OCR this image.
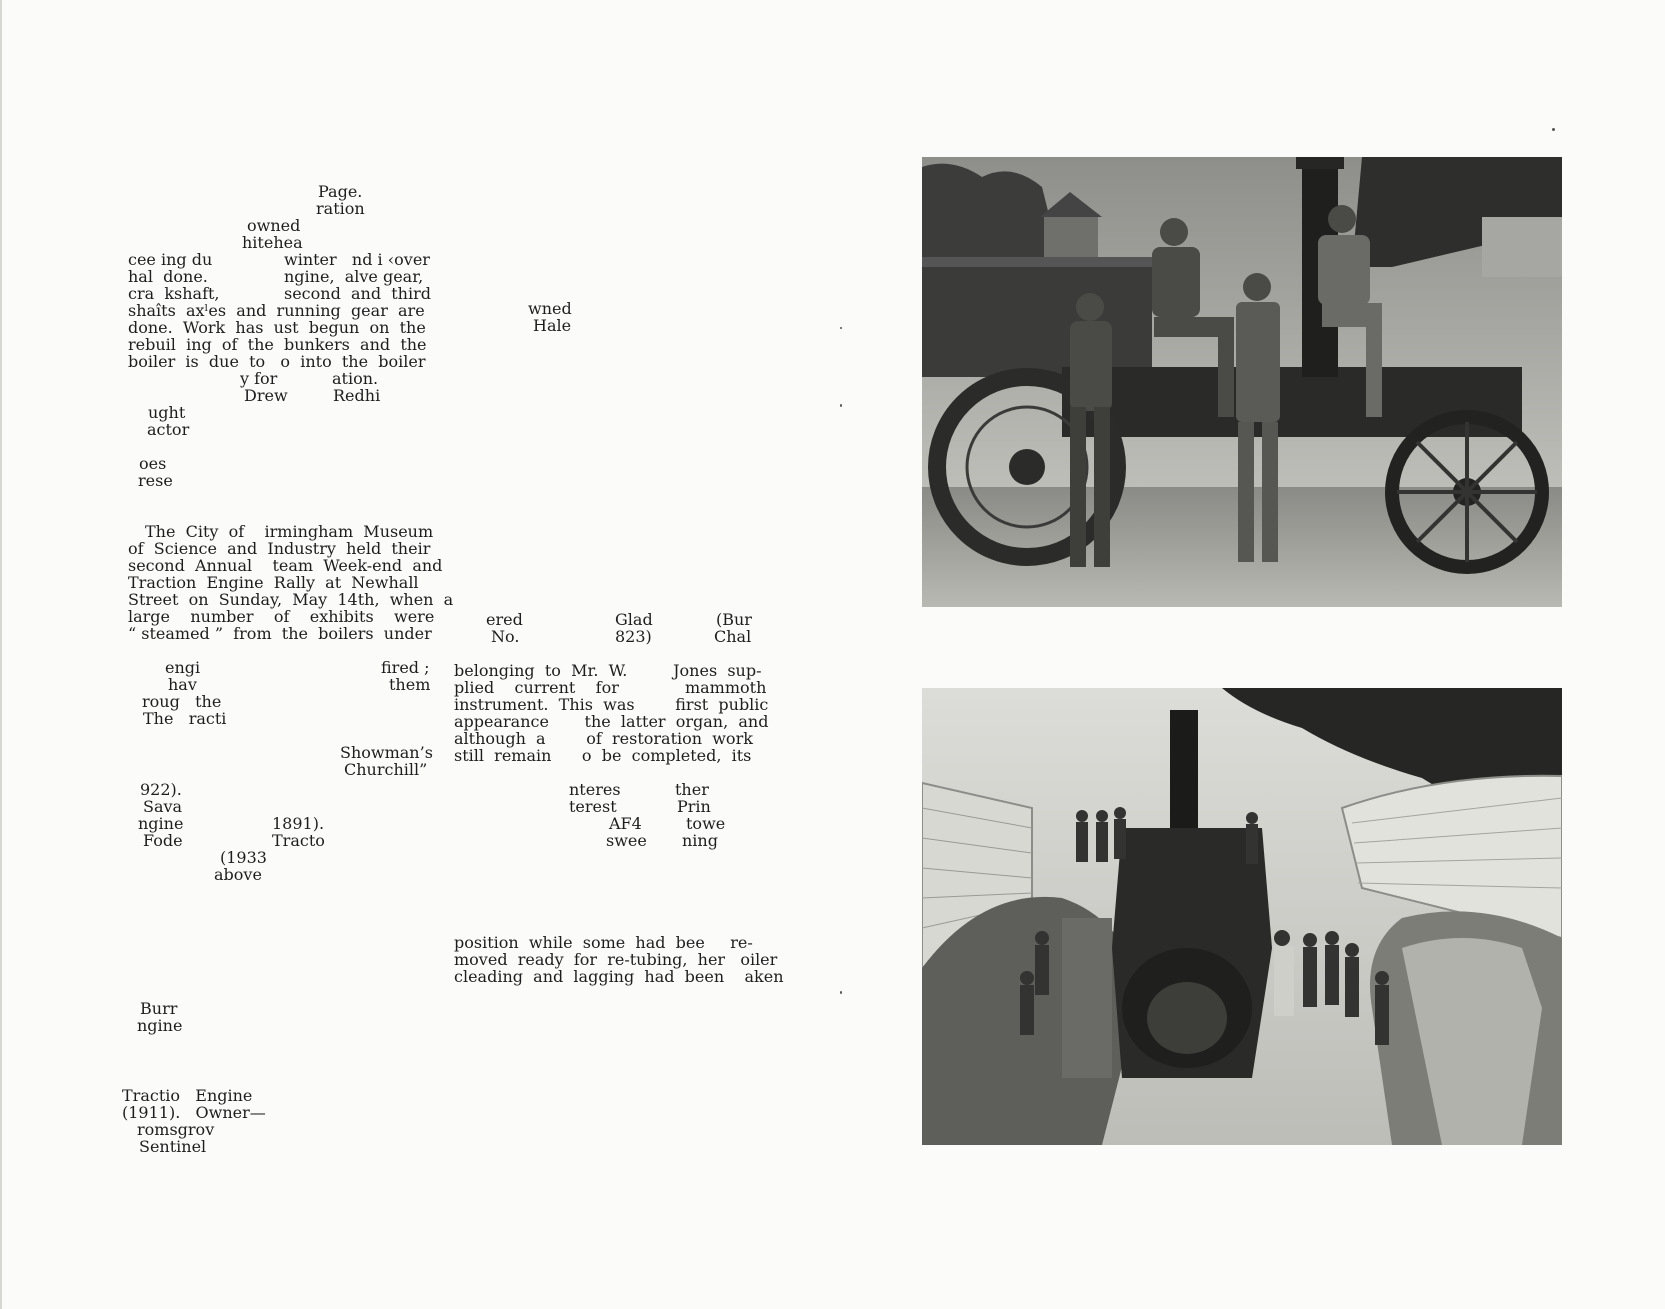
Page.
ration
owned
hitehea
cee ing du	winter   nd i ‹over
hal  done.	ngine,  alve gear,
cra  kshaft,	second  and  third
shaîts  axˡes  and  running  gear  are
done.  Work  has  ust  begun  on  the
rebuil  ing  of  the  bunkers  and  the
boiler  is  due  to   o  into  the  boiler
y for	ation.
Drew	Redhi
ught
actor
oes
rese
The  City  of    irmingham  Museum
of  Science  and  Industry  held  their
second  Annual    team  Week-end  and
Traction  Engine  Rally  at  Newhall
Street  on  Sunday,  May  14th,  when  a
large    number    of    exhibits    were
“ steamed ”  from  the  boilers  under
engi	fired ;
hav	them
roug   the
The   racti
Showman’s
Churchill”
922).
Sava
ngine	1891).
Fode	Tracto
(1933
above
Burr
ngine
Tractio   Engine
(1911).   Owner—
romsgrov
Sentinel
wned
Hale
ered	Glad	(Bur
No.	823)	Chal
belonging  to  Mr.  W.         Jones  sup-
plied    current    for             mammoth
instrument.  This  was        first  public
appearance       the  latter  organ,  and
although  a        of  restoration  work
still  remain      o  be  completed,  its
nteres	ther
terest	Prin
AF4	towe
swee ning
position  while  some  had  bee     re-
moved  ready  for  re-tubing,  her   oiler
cleading  and  lagging  had  been    aken
